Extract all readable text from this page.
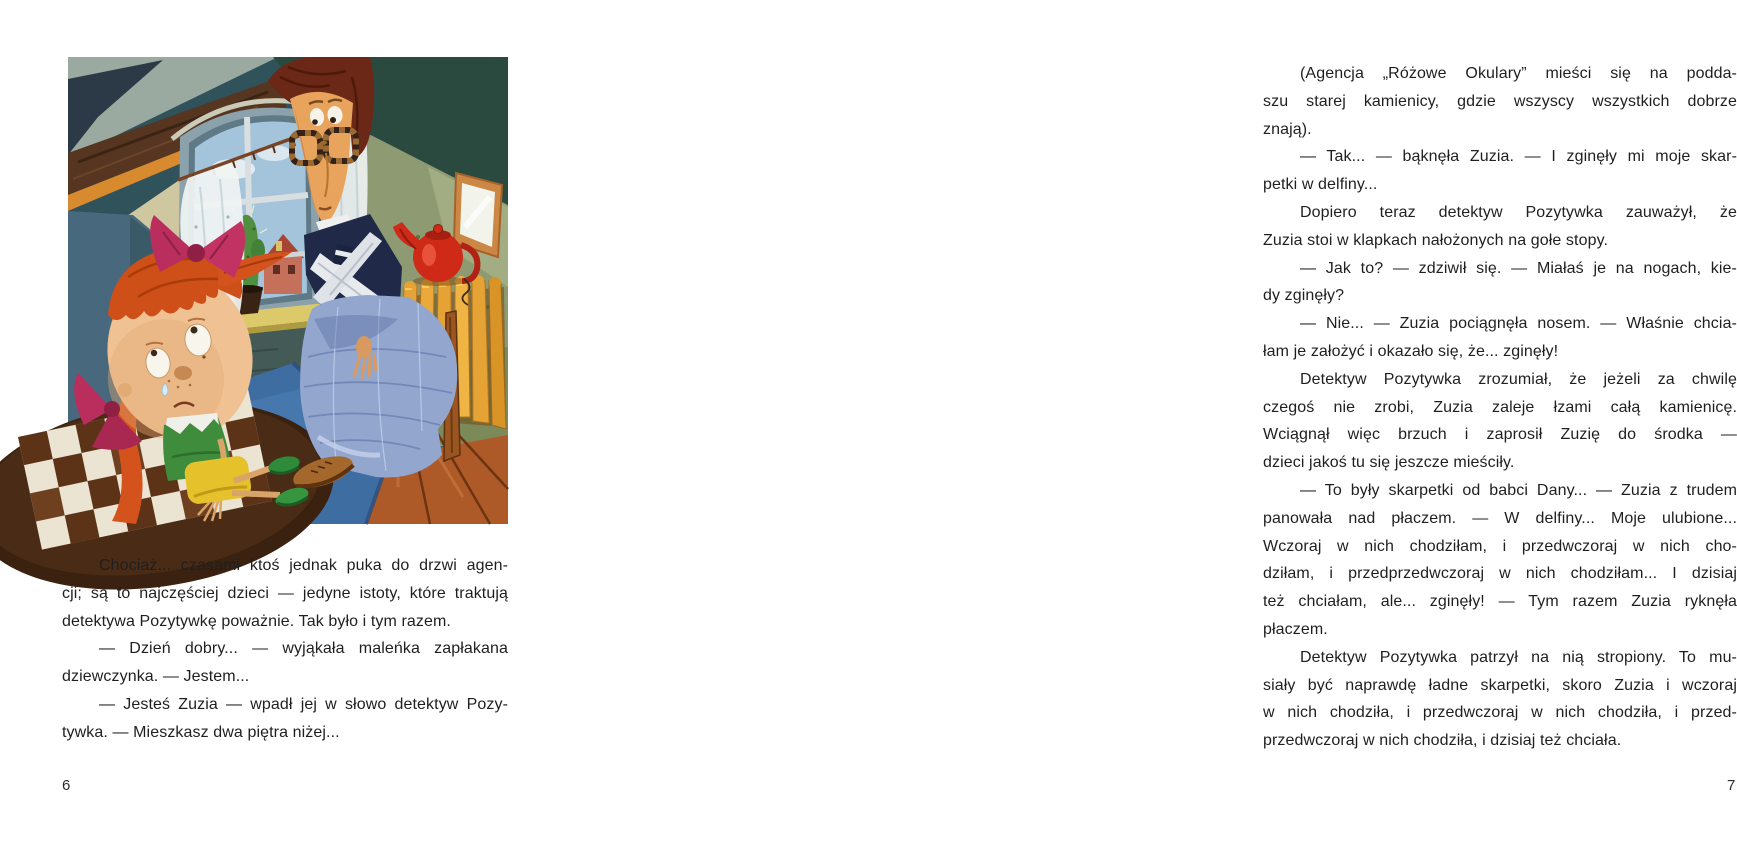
Chociaż... czasami ktoś jednak puka do drzwi agen-
cji; są to najczęściej dzieci — jedyne istoty, które traktują
detektywa Pozytywkę poważnie. Tak było i tym razem.
— Dzień dobry... — wyjąkała maleńka zapłakana
dziewczynka. — Jestem...
— Jesteś Zuzia — wpadł jej w słowo detektyw Pozy-
tywka. — Mieszkasz dwa piętra niżej...
6
(Agencja „Różowe Okulary” mieści się na podda-
szu starej kamienicy, gdzie wszyscy wszystkich dobrze
znają).
— Tak... — bąknęła Zuzia. — I zginęły mi moje skar-
petki w delfiny...
Dopiero teraz detektyw Pozytywka zauważył, że
Zuzia stoi w klapkach nałożonych na gołe stopy.
— Jak to? — zdziwił się. — Miałaś je na nogach, kie-
dy zginęły?
— Nie... — Zuzia pociągnęła nosem. — Właśnie chcia-
łam je założyć i okazało się, że... zginęły!
Detektyw Pozytywka zrozumiał, że jeżeli za chwilę
czegoś nie zrobi, Zuzia zaleje łzami całą kamienicę.
Wciągnął więc brzuch i zaprosił Zuzię do środka —
dzieci jakoś tu się jeszcze mieściły.
— To były skarpetki od babci Dany... — Zuzia z trudem
panowała nad płaczem. — W delfiny... Moje ulubione...
Wczoraj w nich chodziłam, i przedwczoraj w nich cho-
dziłam, i przedprzedwczoraj w nich chodziłam... I dzisiaj
też chciałam, ale... zginęły! — Tym razem Zuzia ryknęła
płaczem.
Detektyw Pozytywka patrzył na nią stropiony. To mu-
siały być naprawdę ładne skarpetki, skoro Zuzia i wczoraj
w nich chodziła, i przedwczoraj w nich chodziła, i przed-
przedwczoraj w nich chodziła, i dzisiaj też chciała.
7
